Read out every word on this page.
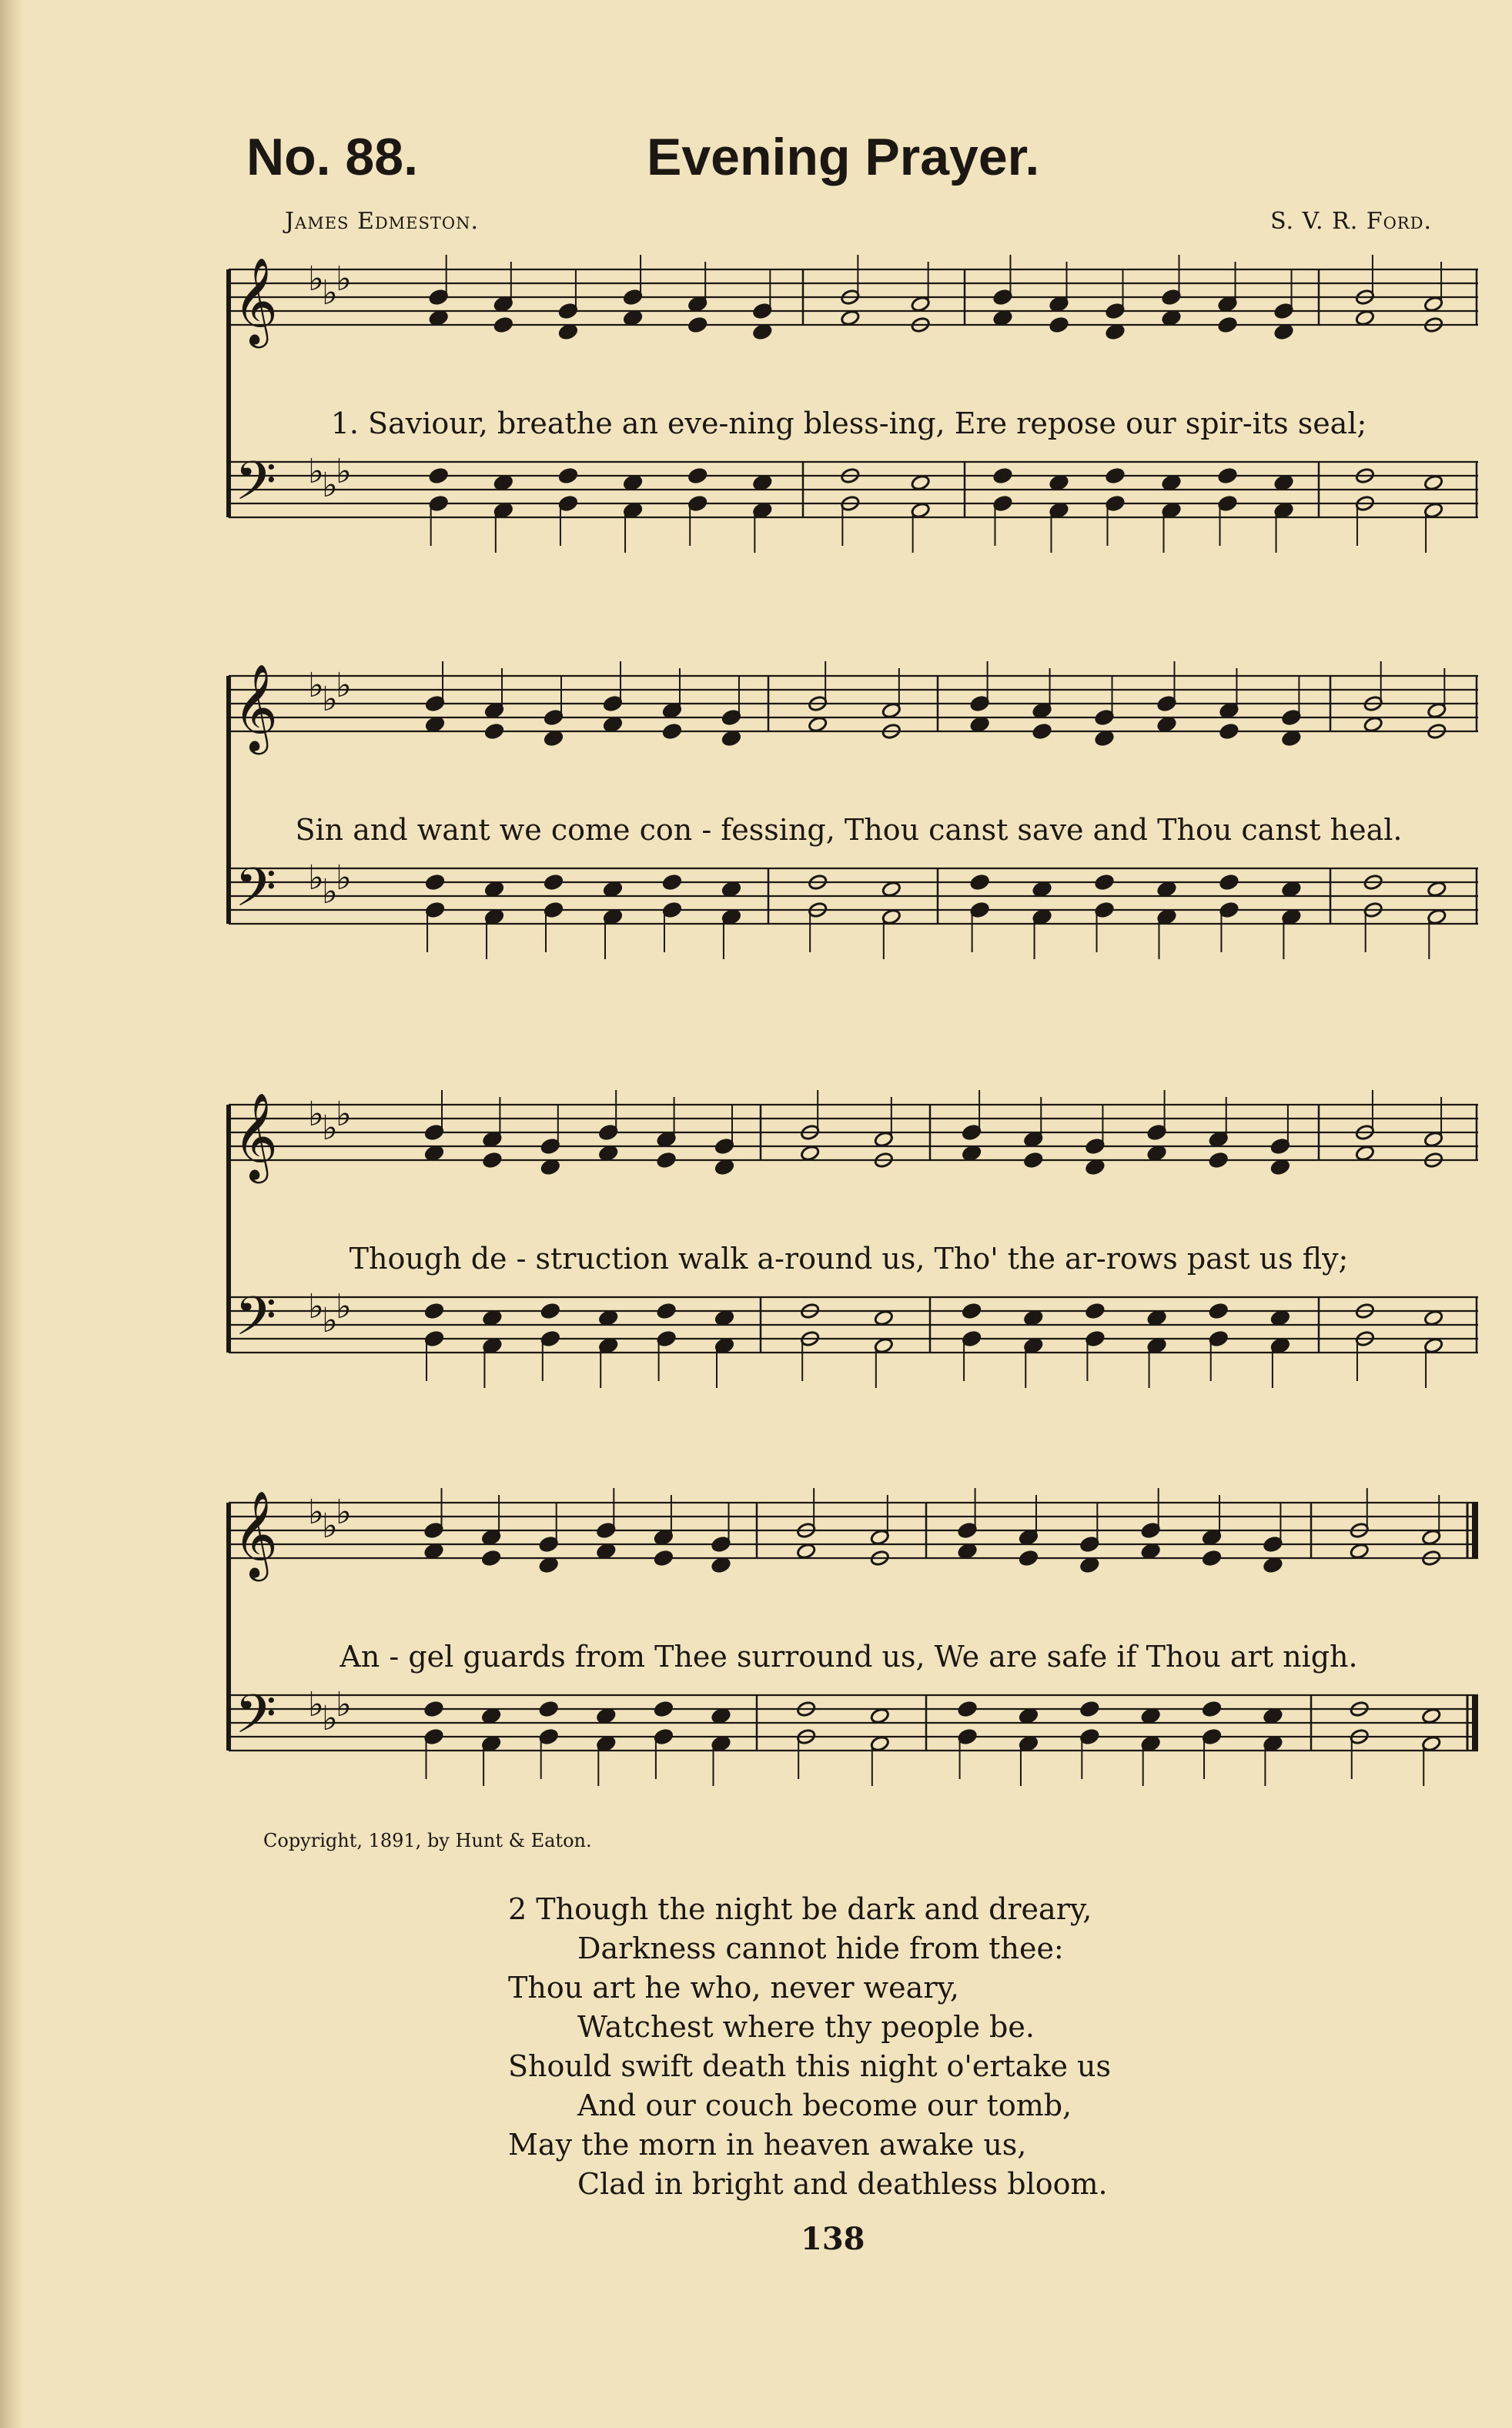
No. 88.	Evening Prayer.
James Edmeston.	S. V. R. Ford.
𝄞
𝄢
♭
♭
♭
♭
♭
♭
1. Saviour, breathe an eve-ning bless-ing, Ere repose our spir-its seal;
𝄞
𝄢
♭
♭
♭
♭
♭
♭
Sin and want we come con - fessing, Thou canst save and Thou canst heal.
𝄞
𝄢
♭
♭
♭
♭
♭
♭
Though de - struction walk a-round us, Tho' the ar-rows past us fly;
𝄞
𝄢
♭
♭
♭
♭
♭
♭
An - gel guards from Thee surround us, We are safe if Thou art nigh.
Copyright, 1891, by Hunt & Eaton.
2 Though the night be dark and dreary,
Darkness cannot hide from thee:
Thou art he who, never weary,
Watchest where thy people be.
Should swift death this night o'ertake us
And our couch become our tomb,
May the morn in heaven awake us,
Clad in bright and deathless bloom.
138
